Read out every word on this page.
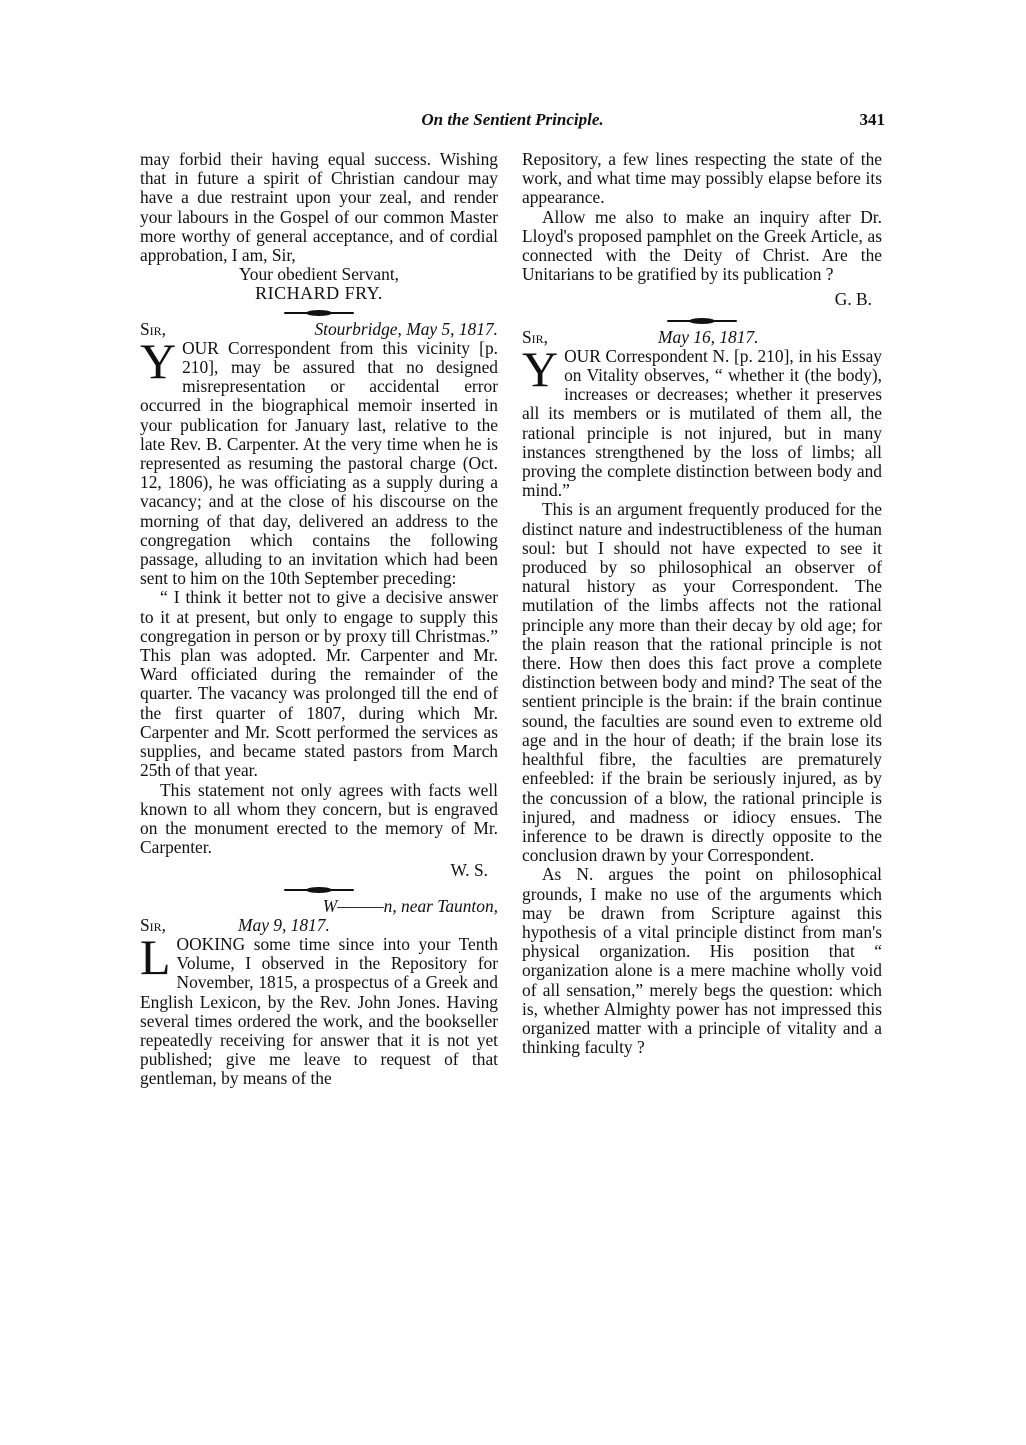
On the Sentient Principle.	341

may forbid their having equal success. Wishing that in future a spirit of Christian candour may have a due restraint upon your zeal, and render your labours in the Gospel of our common Master more worthy of general acceptance, and of cordial approbation, I am, Sir,

Your obedient Servant,

RICHARD FRY.

Sir,	Stourbridge, May 5, 1817.

YOUR Correspondent from this vicinity [p. 210], may be assured that no designed misrepresentation or accidental error occurred in the biographical memoir inserted in your publication for January last, relative to the late Rev. B. Carpenter. At the very time when he is represented as resuming the pastoral charge (Oct. 12, 1806), he was officiating as a supply during a vacancy; and at the close of his discourse on the morning of that day, delivered an address to the congregation which contains the following passage, alluding to an invitation which had been sent to him on the 10th September preceding:

“ I think it better not to give a decisive answer to it at present, but only to engage to supply this congregation in person or by proxy till Christmas.” This plan was adopted. Mr. Carpenter and Mr. Ward officiated during the remainder of the quarter. The vacancy was prolonged till the end of the first quarter of 1807, during which Mr. Carpenter and Mr. Scott performed the services as supplies, and became stated pastors from March 25th of that year.

This statement not only agrees with facts well known to all whom they concern, but is engraved on the monument erected to the memory of Mr. Carpenter.

W. S.

W———n, near Taunton,

Sir,	May 9, 1817.

LOOKING some time since into your Tenth Volume, I observed in the Repository for November, 1815, a prospectus of a Greek and English Lexicon, by the Rev. John Jones. Having several times ordered the work, and the bookseller repeatedly receiving for answer that it is not yet published; give me leave to request of that gentleman, by means of the

Repository, a few lines respecting the state of the work, and what time may possibly elapse before its appearance.

Allow me also to make an inquiry after Dr. Lloyd's proposed pamphlet on the Greek Article, as connected with the Deity of Christ. Are the Unitarians to be gratified by its publication ?

G. B.

Sir,	May 16, 1817.

YOUR Correspondent N. [p. 210], in his Essay on Vitality observes, “ whether it (the body), increases or decreases; whether it preserves all its members or is mutilated of them all, the rational principle is not injured, but in many instances strengthened by the loss of limbs; all proving the complete distinction between body and mind.”

This is an argument frequently produced for the distinct nature and indestructibleness of the human soul: but I should not have expected to see it produced by so philosophical an observer of natural history as your Correspondent. The mutilation of the limbs affects not the rational principle any more than their decay by old age; for the plain reason that the rational principle is not there. How then does this fact prove a complete distinction between body and mind? The seat of the sentient principle is the brain: if the brain continue sound, the faculties are sound even to extreme old age and in the hour of death; if the brain lose its healthful fibre, the faculties are prematurely enfeebled: if the brain be seriously injured, as by the concussion of a blow, the rational principle is injured, and madness or idiocy ensues. The inference to be drawn is directly opposite to the conclusion drawn by your Correspondent.

As N. argues the point on philosophical grounds, I make no use of the arguments which may be drawn from Scripture against this hypothesis of a vital principle distinct from man's physical organization. His position that “ organization alone is a mere machine wholly void of all sensation,” merely begs the question: which is, whether Almighty power has not impressed this organized matter with a principle of vitality and a thinking faculty ?
